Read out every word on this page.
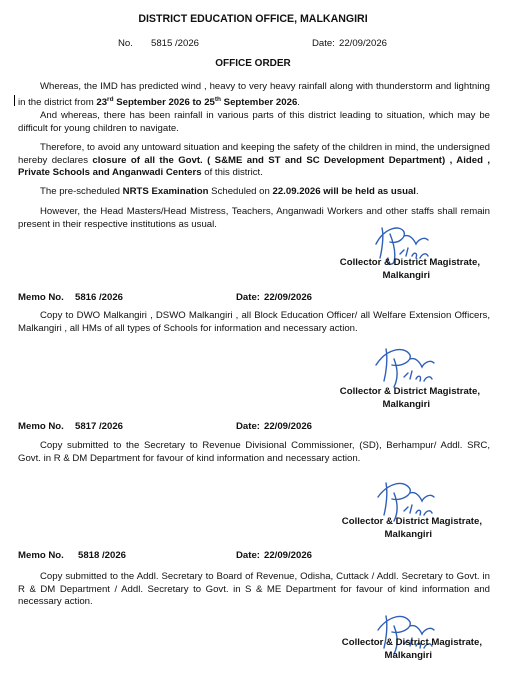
DISTRICT EDUCATION OFFICE, MALKANGIRI
No. 5815 /2026	Date: 22/09/2026
OFFICE ORDER
Whereas, the IMD has predicted wind , heavy to very heavy rainfall along with thunderstorm and lightning in the district from 23rd September 2026 to 25th September 2026.
And whereas, there has been rainfall in various parts of this district leading to situation, which may be difficult for young children to navigate.
Therefore, to avoid any untoward situation and keeping the safety of the children in mind, the undersigned hereby declares closure of all the Govt. ( S&ME and ST and SC Development Department) , Aided , Private Schools and Anganwadi Centers of this district.
The pre-scheduled NRTS Examination Scheduled on 22.09.2026 will be held as usual.
However, the Head Masters/Head Mistress, Teachers, Anganwadi Workers and other staffs shall remain present in their respective institutions as usual.
Collector & District Magistrate,
Malkangiri
Memo No. 5816 /2026	Date: 22/09/2026
Copy to DWO Malkangiri , DSWO Malkangiri , all Block Education Officer/ all Welfare Extension Officers, Malkangiri , all HMs of all types of Schools for information and necessary action.
Collector & District Magistrate,
Malkangiri
Memo No. 5817 /2026	Date: 22/09/2026
Copy submitted to the Secretary to Revenue Divisional Commissioner, (SD), Berhampur/ Addl. SRC, Govt. in R & DM Department for favour of kind information and necessary action.
Collector & District Magistrate,
Malkangiri
Memo No. 5818 /2026	Date: 22/09/2026
Copy submitted to the Addl. Secretary to Board of Revenue, Odisha, Cuttack / Addl. Secretary to Govt. in R & DM Department / Addl. Secretary to Govt. in S & ME Department for favour of kind information and necessary action.
Collector & District Magistrate,
Malkangiri
